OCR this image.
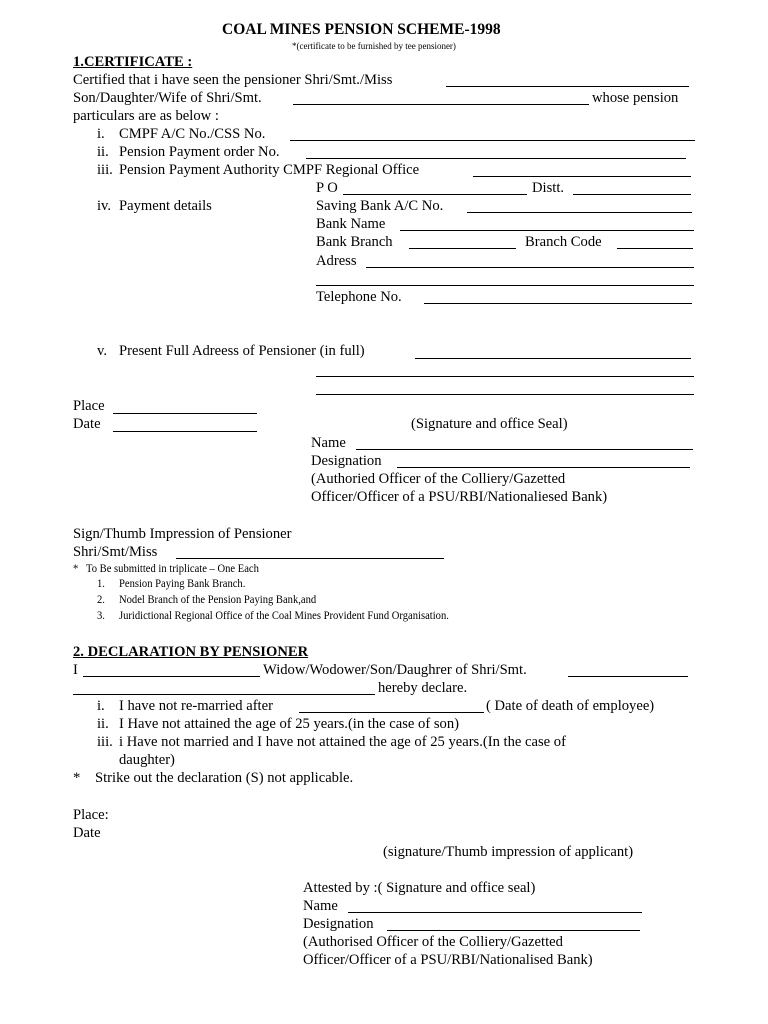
COAL MINES PENSION SCHEME-1998
*(certificate to be furnished by tee pensioner)
1.CERTIFICATE :
Certified that i have seen the pensioner Shri/Smt./Miss
Son/Daughter/Wife of Shri/Smt.	whose pension
particulars are as below :
i. CMPF A/C No./CSS No.
ii. Pension Payment order No.
iii. Pension Payment Authority CMPF Regional Office
P O	Distt.
iv. Payment details	Saving Bank A/C No.
Bank Name
Bank Branch	Branch Code
Adress
Telephone No.
v. Present Full Adreess of Pensioner (in full)
Place
Date	(Signature and office Seal)
Name
Designation
(Authoried Officer of the Colliery/Gazetted
Officer/Officer of a PSU/RBI/Nationaliesed Bank)
Sign/Thumb Impression of Pensioner
Shri/Smt/Miss
* To Be submitted in triplicate – One Each
1. Pension Paying Bank Branch.
2. Nodel Branch of the Pension Paying Bank,and
3. Juridictional Regional Office of the Coal Mines Provident Fund Organisation.
2. DECLARATION BY PENSIONER
I	Widow/Wodower/Son/Daughrer of Shri/Smt.
hereby declare.
i. I have not re-married after	( Date of death of employee)
ii. I Have not attained the age of 25 years.(in the case of son)
iii. i Have not married and I have not attained the age of 25 years.(In the case of
daughter)
* Strike out the declaration (S) not applicable.
Place:
Date
(signature/Thumb impression of applicant)
Attested by :( Signature and office seal)
Name
Designation
(Authorised Officer of the Colliery/Gazetted
Officer/Officer of a PSU/RBI/Nationalised Bank)
